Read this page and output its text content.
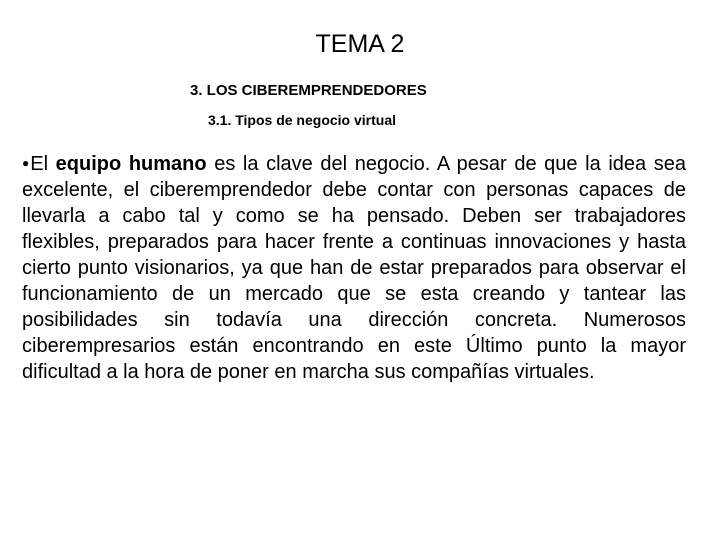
TEMA 2
3. LOS CIBEREMPRENDEDORES
3.1. Tipos de negocio virtual
●El equipo humano es la clave del negocio. A pesar de que la idea sea excelente, el ciberemprendedor debe contar con personas capaces de llevarla a cabo tal y como se ha pensado. Deben ser trabajadores flexibles, preparados para hacer frente a continuas innovaciones y hasta cierto punto visionarios, ya que han de estar preparados para observar el funcionamiento de un mercado que se esta creando y tantear las posibilidades sin todavía una dirección concreta. Numerosos ciberempresarios están encontrando en este Último punto la mayor dificultad a la hora de poner en marcha sus compañías virtuales.
